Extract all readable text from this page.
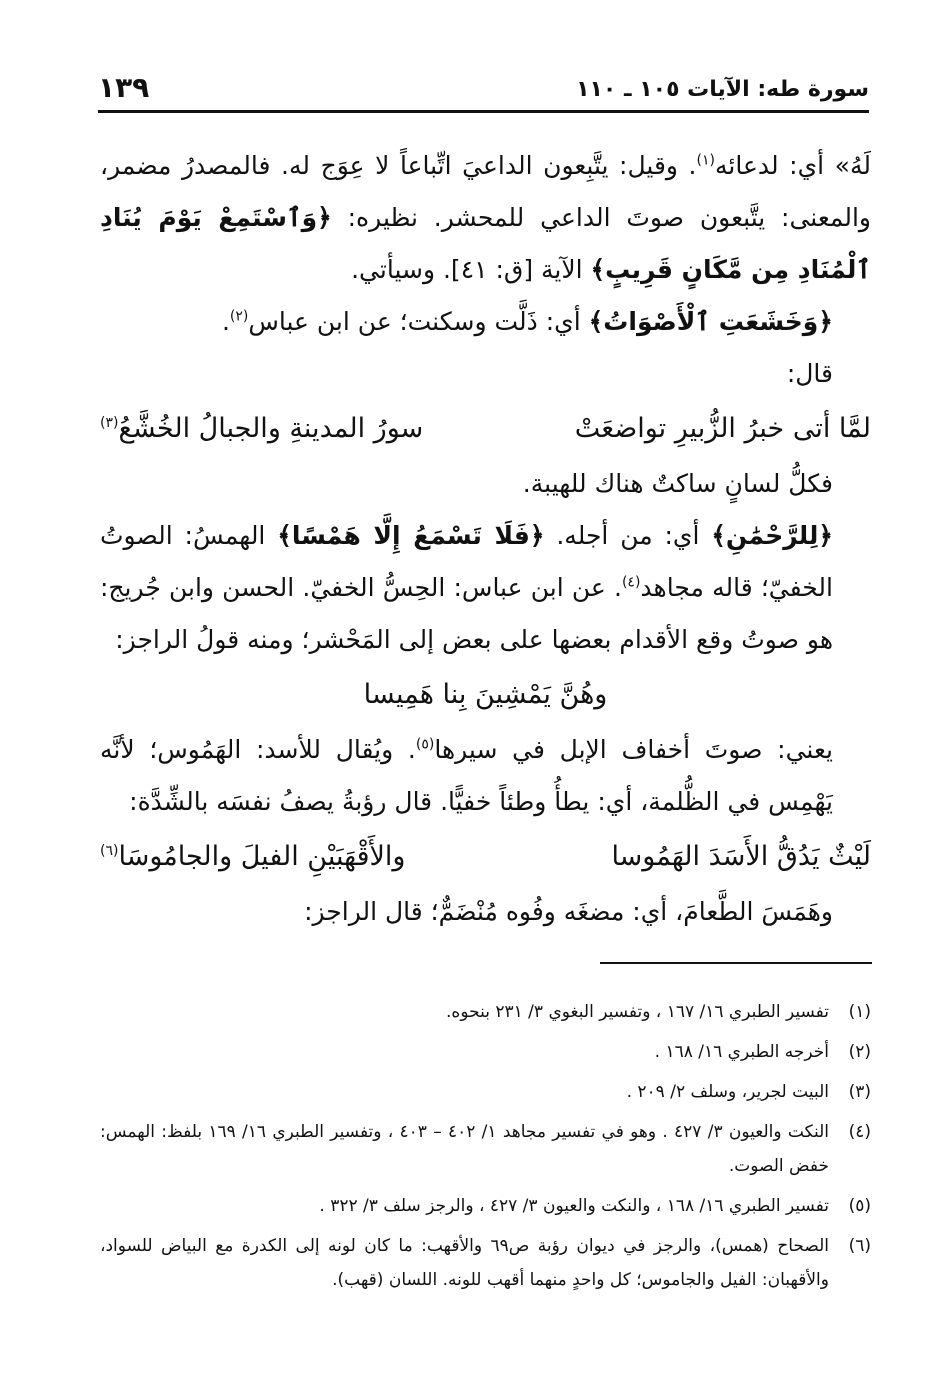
١٣٩	سورة طه: الآيات ١٠٥ ـ ١١٠

لَهُ» أي: لدعائه$^{(١)}$. وقيل: يتَّبِعون الداعيَ اتِّباعاً لا عِوَج له. فالمصدرُ مضمر، والمعنى: يتَّبعون صوتَ الداعي للمحشر. نظيره: ﴿وَٱسْتَمِعْ يَوْمَ يُنَادِ ٱلْمُنَادِ مِن مَّكَانٍ قَرِيبٍ﴾ الآية [ق: ٤١]. وسيأتي.

﴿وَخَشَعَتِ ٱلْأَصْوَاتُ﴾ أي: ذَلَّت وسكنت؛ عن ابن عباس$^{(٢)}$.

قال:

لمَّا أتى خبرُ الزُّبيرِ تواضعَتْ
سورُ المدينةِ والجبالُ الخُشَّعُ$^{(٣)}$

فكلُّ لسانٍ ساكتٌ هناك للهيبة.

﴿لِلرَّحْمَٰنِ﴾ أي: من أجله. ﴿فَلَا تَسْمَعُ إِلَّا هَمْسًا﴾ الهمسُ: الصوتُ الخفيّ؛ قاله مجاهد$^{(٤)}$. عن ابن عباس: الحِسُّ الخفيّ. الحسن وابن جُريج: هو صوتُ وقع الأقدام بعضها على بعض إلى المَحْشر؛ ومنه قولُ الراجز:

وهُنَّ يَمْشِينَ بِنا هَمِيسا

يعني: صوتَ أخفاف الإبل في سيرها$^{(٥)}$. ويُقال للأسد: الهَمُوس؛ لأنَّه يَهْمِس في الظُّلمة، أي: يطأُ وطئاً خفيًّا. قال رؤبةُ يصفُ نفسَه بالشِّدَّة:

لَيْثٌ يَدُقُّ الأَسَدَ الهَمُوسا
والأَقْهَبَيْنِ الفيلَ والجامُوسَا$^{(٦)}$

وهَمَسَ الطَّعامَ، أي: مضغَه وفُوه مُنْضَمٌّ؛ قال الراجز:

(١)
تفسير الطبري ١٦/ ١٦٧ ، وتفسير البغوي ٣/ ٢٣١ بنحوه.
(٢)
أخرجه الطبري ١٦/ ١٦٨ .
(٣)
البيت لجرير، وسلف ٢/ ٢٠٩ .
(٤)
النكت والعيون ٣/ ٤٢٧ . وهو في تفسير مجاهد ١/ ٤٠٢ – ٤٠٣ ، وتفسير الطبري ١٦/ ١٦٩ بلفظ: الهمس: خفض الصوت.
(٥)
تفسير الطبري ١٦/ ١٦٨ ، والنكت والعيون ٣/ ٤٢٧ ، والرجز سلف ٣/ ٣٢٢ .
(٦)
الصحاح (همس)، والرجز في ديوان رؤبة ص٦٩ والأقهب: ما كان لونه إلى الكدرة مع البياض للسواد، والأقهبان: الفيل والجاموس؛ كل واحدٍ منهما أقهب للونه. اللسان (قهب).
